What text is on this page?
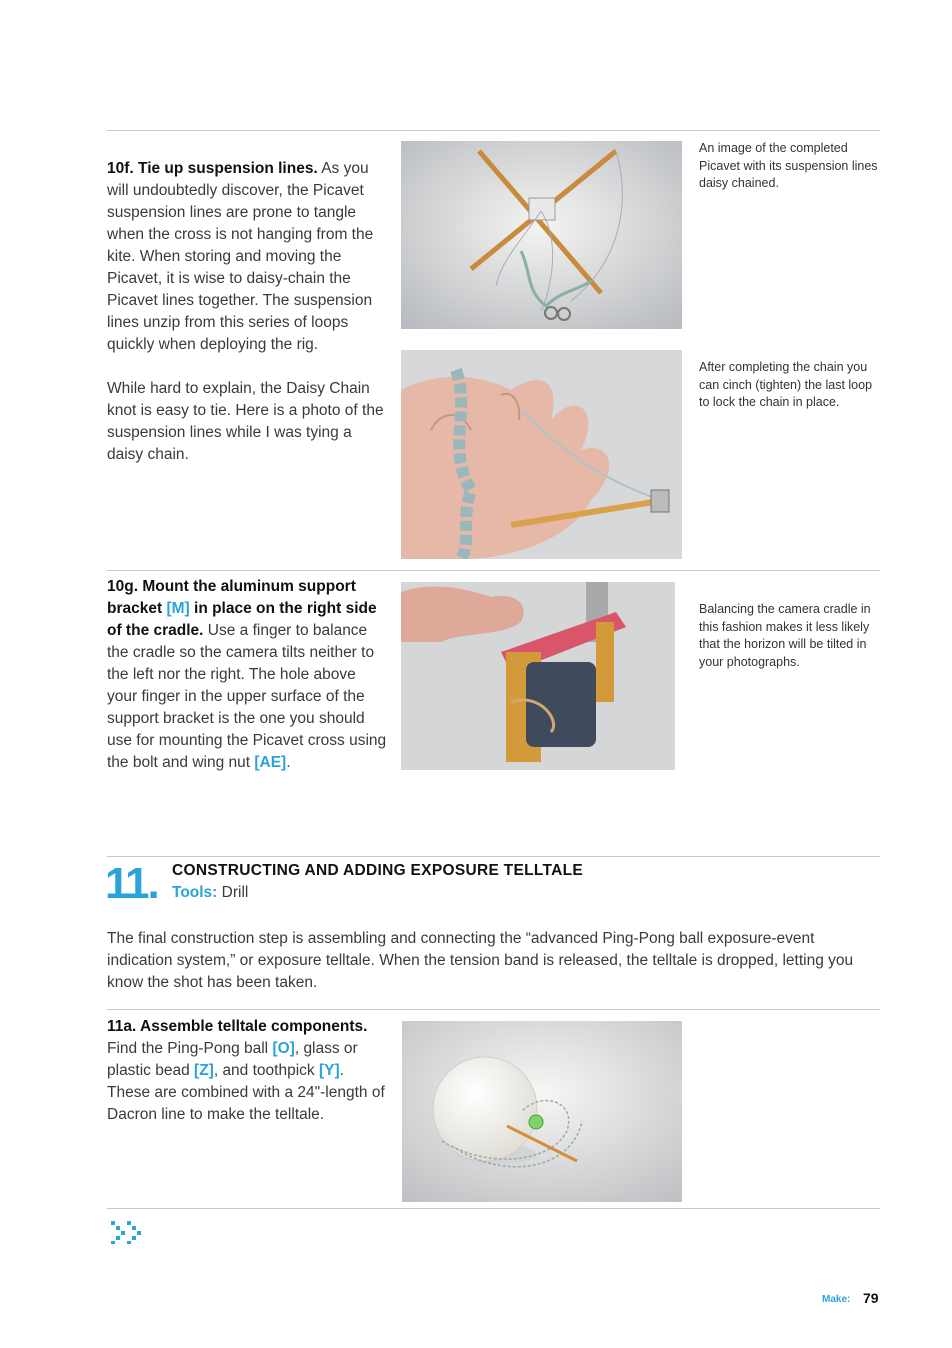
10f. Tie up suspension lines. As you will undoubtedly discover, the Picavet suspension lines are prone to tangle when the cross is not hanging from the kite. When storing and moving the Picavet, it is wise to daisy-chain the Picavet lines together. The suspension lines unzip from this series of loops quickly when deploying the rig.
While hard to explain, the Daisy Chain knot is easy to tie. Here is a photo of the suspension lines while I was tying a daisy chain.
An image of the completed Picavet with its suspension lines daisy chained.
After completing the chain you can cinch (tighten) the last loop to lock the chain in place.
10g. Mount the aluminum support bracket [M] in place on the right side of the cradle. Use a finger to balance the cradle so the camera tilts neither to the left nor the right. The hole above your finger in the upper surface of the support bracket is the one you should use for mounting the Picavet cross using the bolt and wing nut [AE].
Balancing the camera cradle in this fashion makes it less likely that the horizon will be tilted in your photographs.
11. CONSTRUCTING AND ADDING EXPOSURE TELLTALE
Tools: Drill
The final construction step is assembling and connecting the “advanced Ping-Pong ball exposure-event indication system,” or exposure telltale. When the tension band is released, the telltale is dropped, letting you know the shot has been taken.
11a. Assemble telltale components. Find the Ping-Pong ball [O], glass or plastic bead [Z], and toothpick [Y]. These are combined with a 24"-length of Dacron line to make the telltale.
Make: 79
